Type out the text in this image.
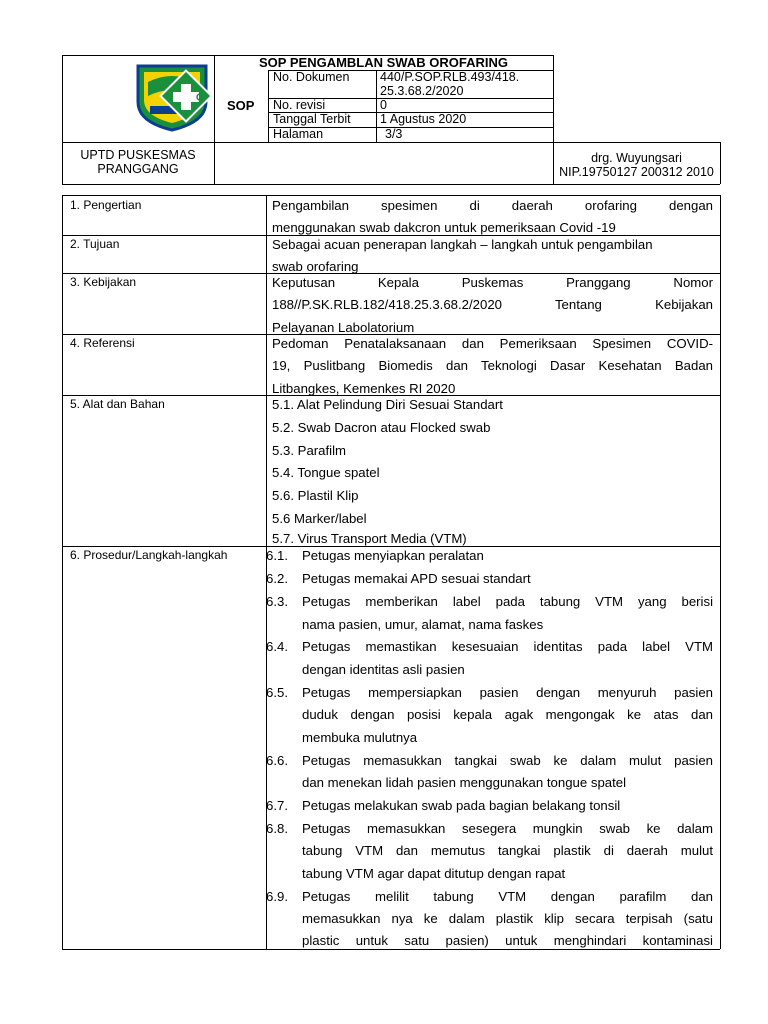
SOP
SOP PENGAMBLAN SWAB OROFARING
No. Dokumen 440/P.SOP.RLB.493/418.
25.3.68.2/2020
No. revisi	0
Tanggal Terbit 1 Agustus 2020
Halaman	3/3
UPTD PUSKESMAS
PRANGGANG
drg. Wuyungsari
NIP.19750127 200312 2010
1. Pengertian	Pengambilan spesimen di daerah orofaring dengan
menggunakan swab dakcron untuk pemeriksaan Covid -19
2. Tujuan	Sebagai acuan penerapan langkah – langkah untuk pengambilan
swab orofaring
3. Kebijakan	Keputusan Kepala Puskemas Pranggang Nomor
188//P.SK.RLB.182/418.25.3.68.2/2020 Tentang Kebijakan
Pelayanan Labolatorium
4. Referensi	Pedoman Penatalaksanaan dan Pemeriksaan Spesimen COVID-
19, Puslitbang Biomedis dan Teknologi Dasar Kesehatan Badan
Litbangkes, Kemenkes RI 2020
5. Alat dan Bahan	5.1. Alat Pelindung Diri Sesuai Standart
5.2. Swab Dacron atau Flocked swab
5.3. Parafilm
5.4. Tongue spatel
5.6. Plastil Klip
5.6 Marker/label
5.7. Virus Transport Media (VTM)
6. Prosedur/Langkah-langkah	6.1. Petugas menyiapkan peralatan
6.2. Petugas memakai APD sesuai standart
6.3. Petugas memberikan label pada tabung VTM yang berisi
nama pasien, umur, alamat, nama faskes
6.4. Petugas memastikan kesesuaian identitas pada label VTM
dengan identitas asli pasien
6.5. Petugas mempersiapkan pasien dengan menyuruh pasien
duduk dengan posisi kepala agak mengongak ke atas dan
membuka mulutnya
6.6. Petugas memasukkan tangkai swab ke dalam mulut pasien
dan menekan lidah pasien menggunakan tongue spatel
6.7. Petugas melakukan swab pada bagian belakang tonsil
6.8. Petugas memasukkan sesegera mungkin swab ke dalam
tabung VTM dan memutus tangkai plastik di daerah mulut
tabung VTM agar dapat ditutup dengan rapat
6.9. Petugas melilit tabung VTM dengan parafilm dan
memasukkan nya ke dalam plastik klip secara terpisah (satu
plastic untuk satu pasien) untuk menghindari kontaminasi
